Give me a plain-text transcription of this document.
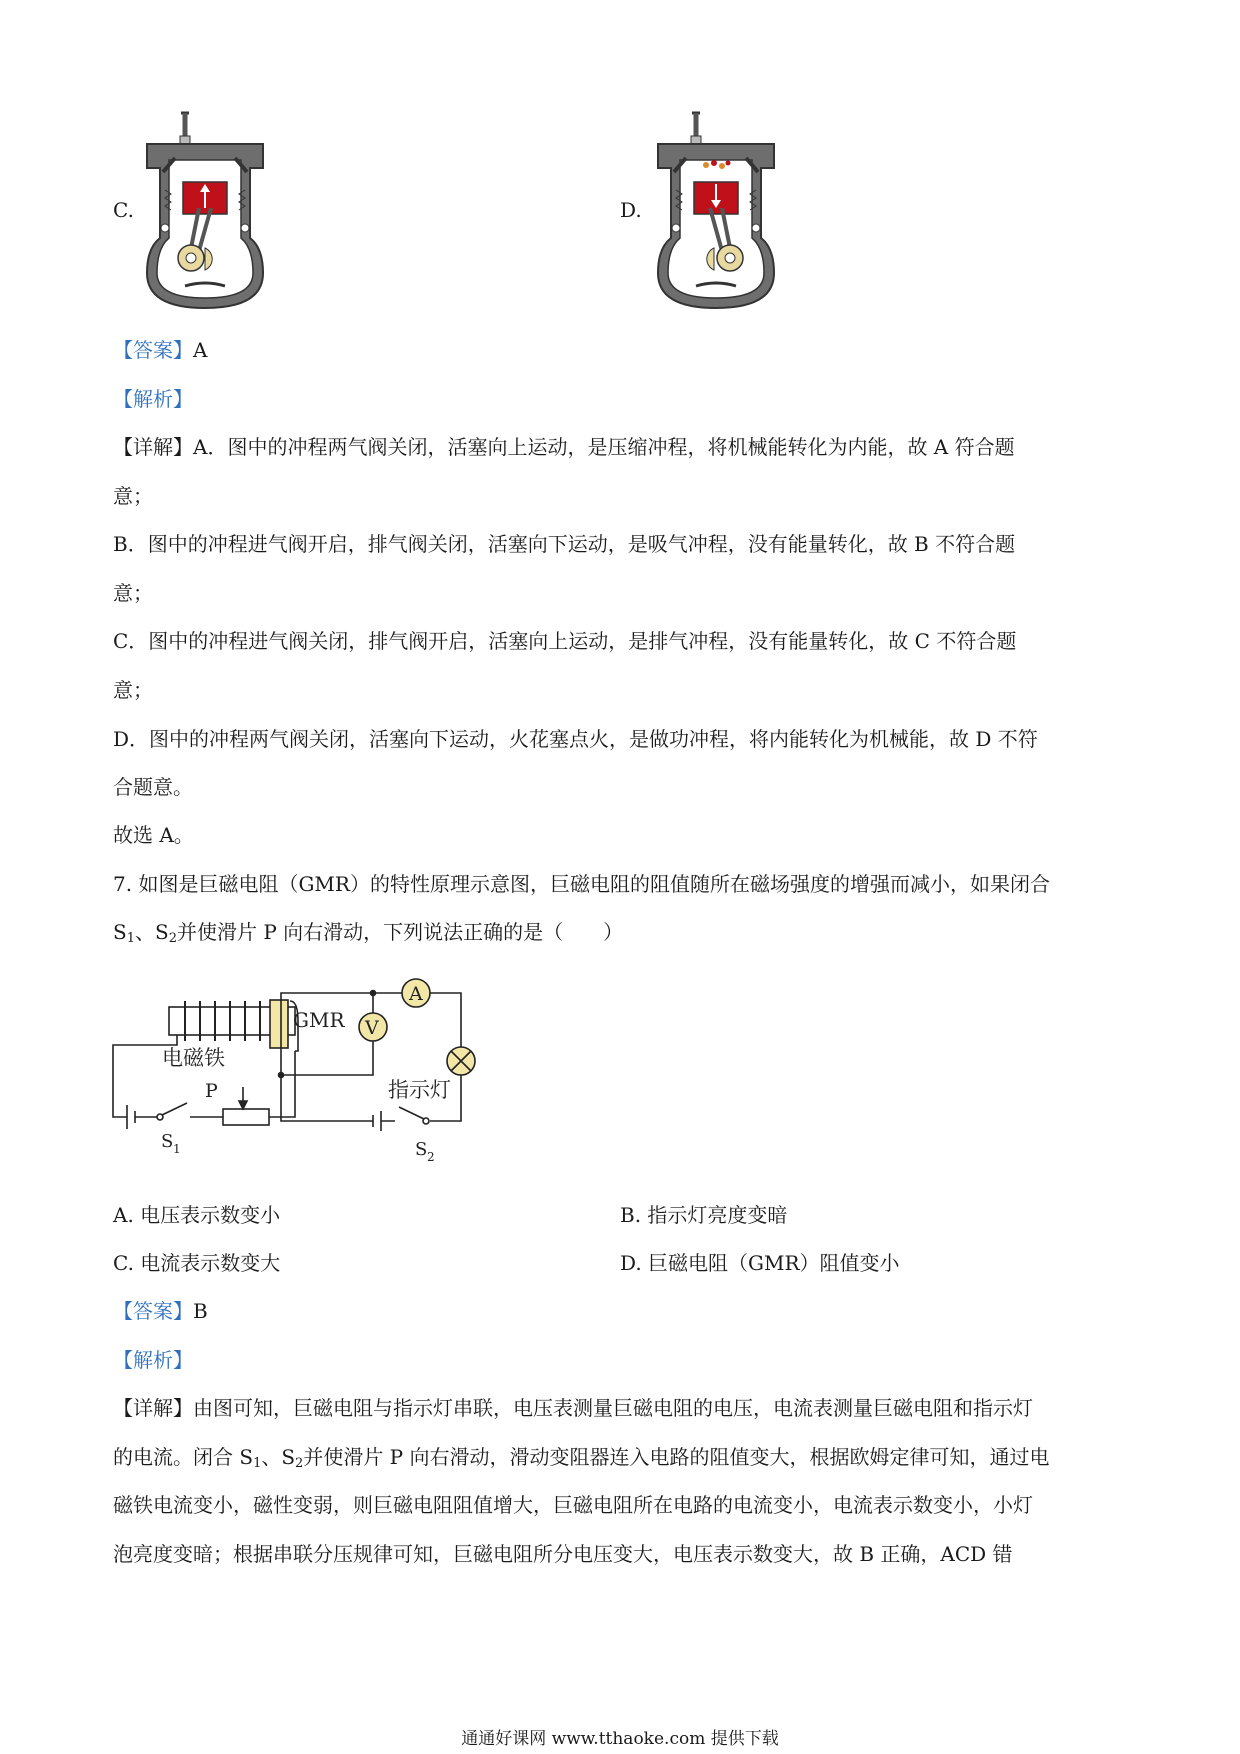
C.	D.
【答案】A
【解析】
【详解】A．图中的冲程两气阀关闭，活塞向上运动，是压缩冲程，将机械能转化为内能，故 A 符合题
意；
B．图中的冲程进气阀开启，排气阀关闭，活塞向下运动，是吸气冲程，没有能量转化，故 B 不符合题
意；
C．图中的冲程进气阀关闭，排气阀开启，活塞向上运动，是排气冲程，没有能量转化，故 C 不符合题
意；
D．图中的冲程两气阀关闭，活塞向下运动，火花塞点火，是做功冲程，将内能转化为机械能，故 D 不符
合题意。
故选 A。
7. 如图是巨磁电阻（GMR）的特性原理示意图，巨磁电阻的阻值随所在磁场强度的增强而减小，如果闭合
$S_1$、$S_2$并使滑片 P 向右滑动，下列说法正确的是（　　）
电磁铁
GMR V
A
指示灯
P
S 1	S 2
A. 电压表示数变小	B. 指示灯亮度变暗
C. 电流表示数变大	D. 巨磁电阻（GMR）阻值变小
【答案】B
【解析】
【详解】由图可知，巨磁电阻与指示灯串联，电压表测量巨磁电阻的电压，电流表测量巨磁电阻和指示灯
的电流。闭合 $S_1$、$S_2$并使滑片 P 向右滑动，滑动变阻器连入电路的阻值变大，根据欧姆定律可知，通过电
磁铁电流变小，磁性变弱，则巨磁电阻阻值增大，巨磁电阻所在电路的电流变小，电流表示数变小，小灯
泡亮度变暗；根据串联分压规律可知，巨磁电阻所分电压变大，电压表示数变大，故 B 正确，ACD 错
通通好课网 www.tthaoke.com 提供下载
